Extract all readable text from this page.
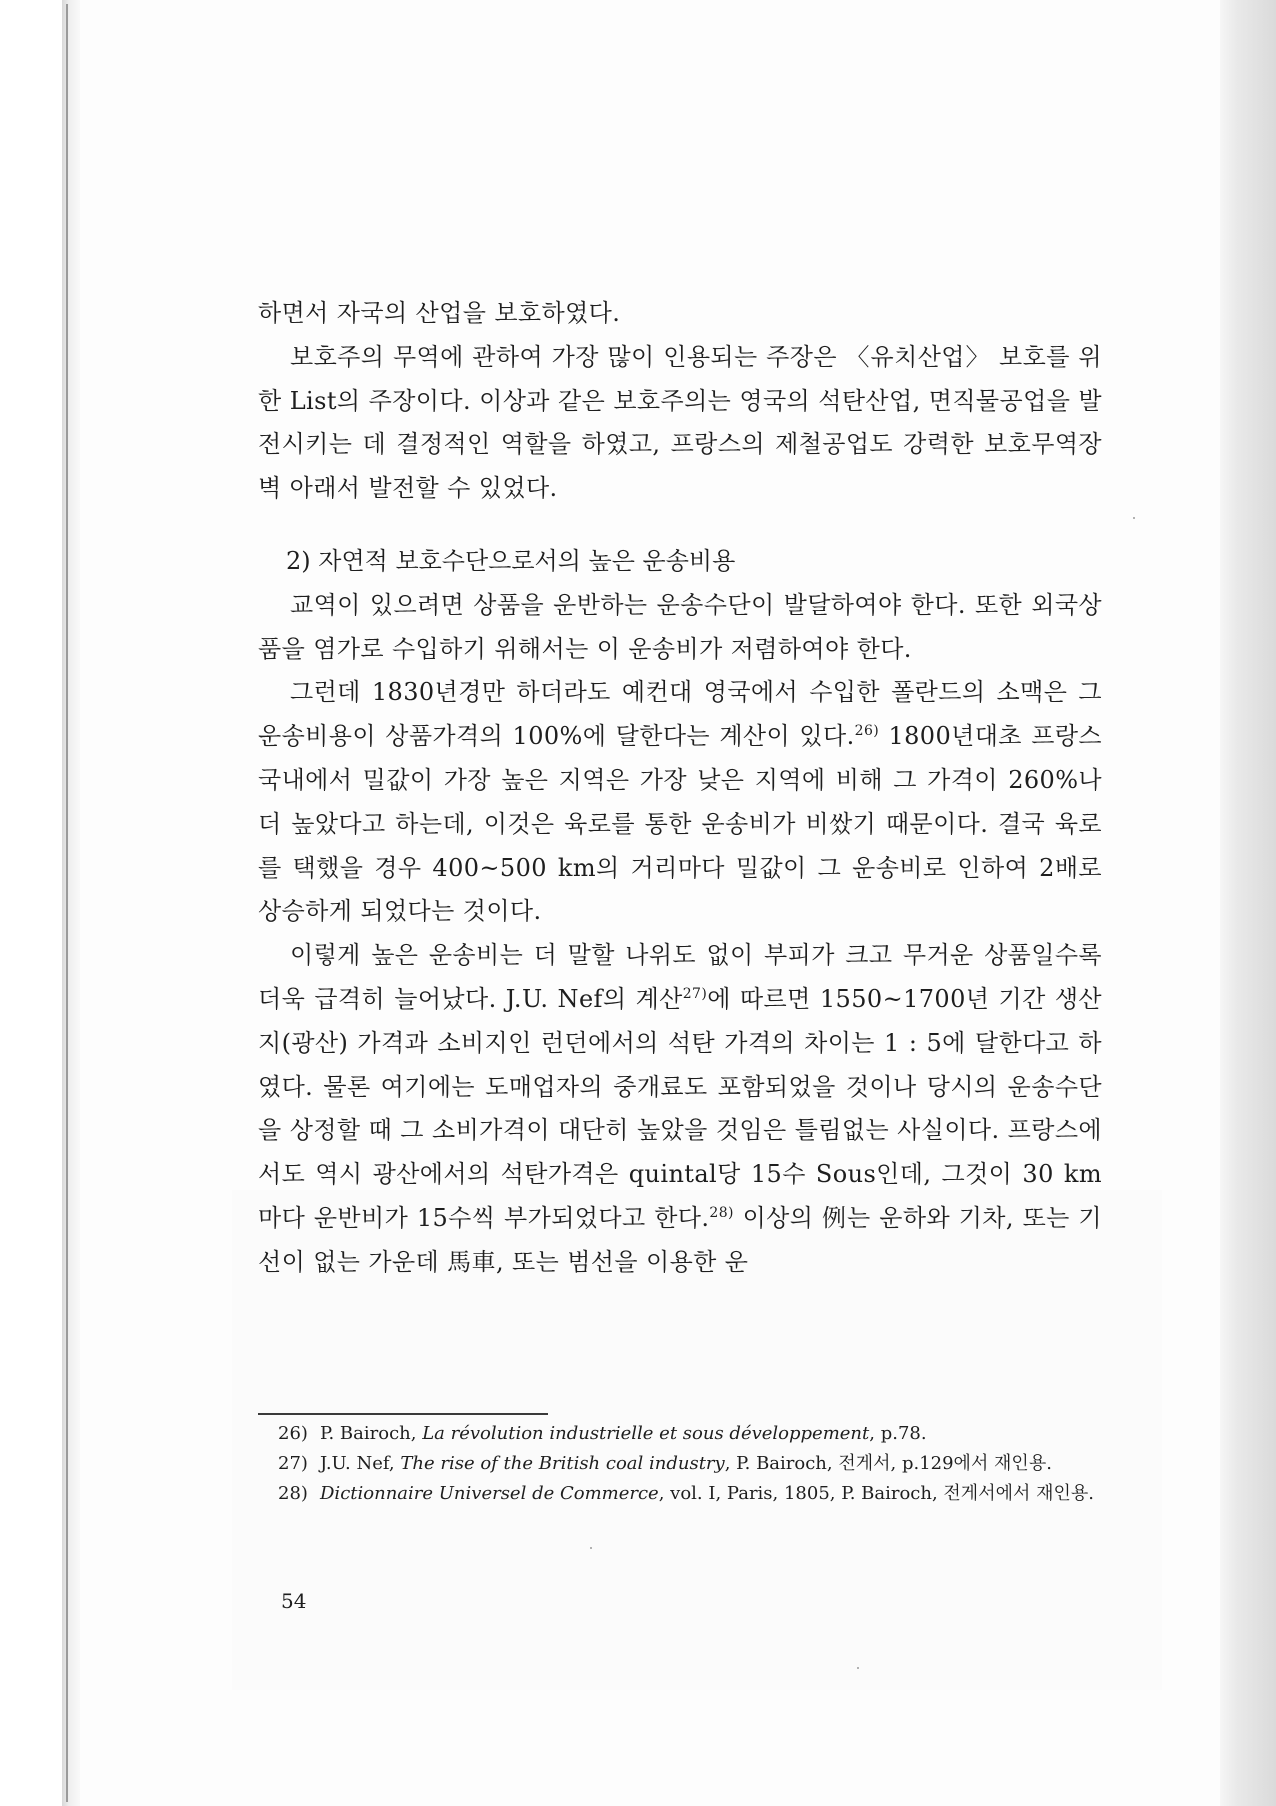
하면서 자국의 산업을 보호하였다.

보호주의 무역에 관하여 가장 많이 인용되는 주장은 〈유치산업〉 보호를 위한 List의 주장이다. 이상과 같은 보호주의는 영국의 석탄산업, 면직물공업을 발전시키는 데 결정적인 역할을 하였고, 프랑스의 제철공업도 강력한 보호무역장벽 아래서 발전할 수 있었다.

2) 자연적 보호수단으로서의 높은 운송비용

교역이 있으려면 상품을 운반하는 운송수단이 발달하여야 한다. 또한 외국상품을 염가로 수입하기 위해서는 이 운송비가 저렴하여야 한다.

그런데 1830년경만 하더라도 예컨대 영국에서 수입한 폴란드의 소맥은 그 운송비용이 상품가격의 100%에 달한다는 계산이 있다.$^{26)}$ 1800년대초 프랑스 국내에서 밀값이 가장 높은 지역은 가장 낮은 지역에 비해 그 가격이 260%나 더 높았다고 하는데, 이것은 육로를 통한 운송비가 비쌌기 때문이다. 결국 육로를 택했을 경우 400~500 km의 거리마다 밀값이 그 운송비로 인하여 2배로 상승하게 되었다는 것이다.

이렇게 높은 운송비는 더 말할 나위도 없이 부피가 크고 무거운 상품일수록 더욱 급격히 늘어났다. J.U. Nef의 계산$^{27)}$에 따르면 1550~1700년 기간 생산지(광산) 가격과 소비지인 런던에서의 석탄 가격의 차이는 1 : 5에 달한다고 하였다. 물론 여기에는 도매업자의 중개료도 포함되었을 것이나 당시의 운송수단을 상정할 때 그 소비가격이 대단히 높았을 것임은 틀림없는 사실이다. 프랑스에서도 역시 광산에서의 석탄가격은 quintal당 15수 Sous인데, 그것이 30 km마다 운반비가 15수씩 부가되었다고 한다.$^{28)}$ 이상의 例는 운하와 기차, 또는 기선이 없는 가운데 馬車, 또는 범선을 이용한 운

26) P. Bairoch, La révolution industrielle et sous développement, p.78.

27) J.U. Nef, The rise of the British coal industry, P. Bairoch, 전게서, p.129에서 재인용.

28) Dictionnaire Universel de Commerce, vol. Ⅰ, Paris, 1805, P. Bairoch, 전게서에서 재인용.

54
